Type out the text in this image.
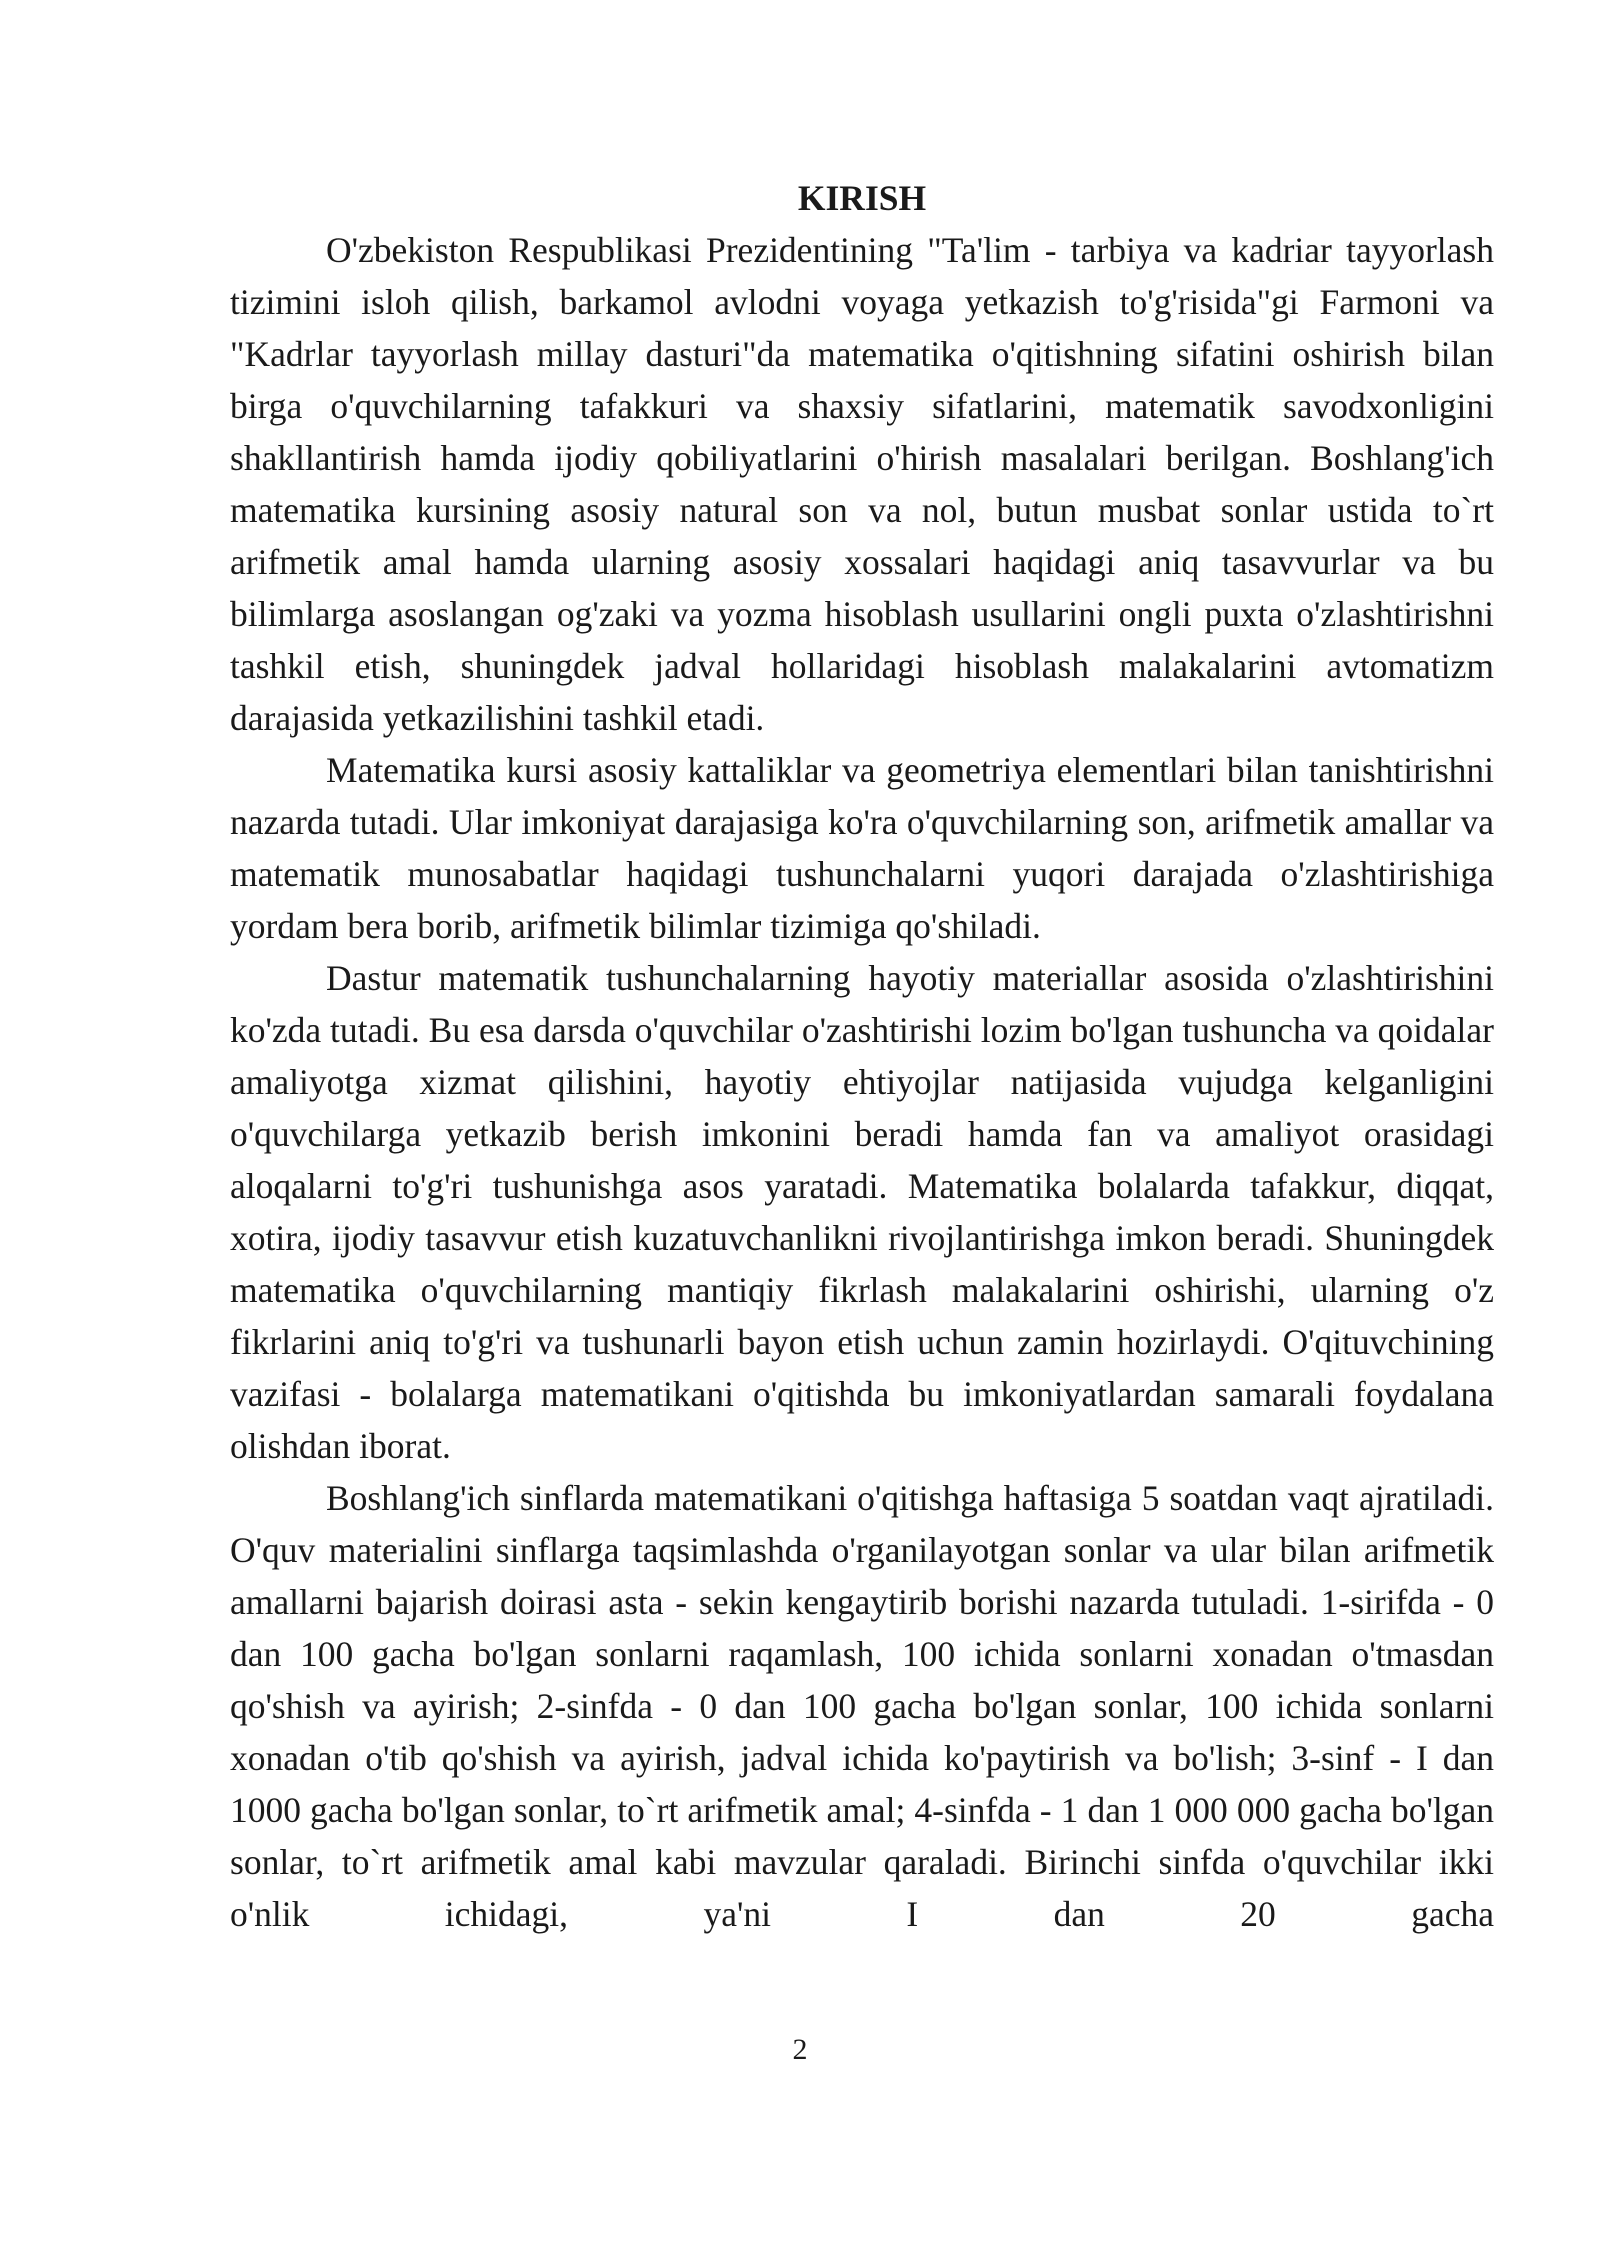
KIRISH

O'zbekiston Respublikasi Prezidentining "Ta'lim - tarbiya va kadriar tayyorlash tizimini isloh qilish, barkamol avlodni voyaga yetkazish to'g'risida"gi Farmoni va "Kadrlar tayyorlash millay dasturi"da matematika o'qitishning sifatini oshirish bilan birga o'quvchilarning tafakkuri va shaxsiy sifatlarini, matematik savodxonligini shakllantirish hamda ijodiy qobiliyatlarini o'hirish masalalari berilgan. Boshlang'ich matematika kursining asosiy natural son va nol, butun musbat sonlar ustida to`rt arifmetik amal hamda ularning asosiy xossalari haqidagi aniq tasavvurlar va bu bilimlarga asoslangan og'zaki va yozma hisoblash usullarini ongli puxta o'zlashtirishni tashkil etish, shuningdek jadval hollaridagi hisoblash malakalarini avtomatizm darajasida yetkazilishini tashkil etadi.

Matematika kursi asosiy kattaliklar va geometriya elementlari bilan tanishtirishni nazarda tutadi. Ular imkoniyat darajasiga ko'ra o'quvchilarning son, arifmetik amallar va matematik munosabatlar haqidagi tushunchalarni yuqori darajada o'zlashtirishiga yordam bera borib, arifmetik bilimlar tizimiga qo'shiladi.

Dastur matematik tushunchalarning hayotiy materiallar asosida o'zlashtirishini ko'zda tutadi. Bu esa darsda o'quvchilar o'zashtirishi lozim bo'lgan tushuncha va qoidalar amaliyotga xizmat qilishini, hayotiy ehtiyojlar natijasida vujudga kelganligini o'quvchilarga yetkazib berish imkonini beradi hamda fan va amaliyot orasidagi aloqalarni to'g'ri tushunishga asos yaratadi. Matematika bolalarda tafakkur, diqqat, xotira, ijodiy tasavvur etish kuzatuvchanlikni rivojlantirishga imkon beradi. Shuningdek matematika o'quvchilarning mantiqiy fikrlash malakalarini oshirishi, ularning o'z fikrlarini aniq to'g'ri va tushunarli bayon etish uchun zamin hozirlaydi. O'qituvchining vazifasi - bolalarga matematikani o'qitishda bu imkoniyatlardan samarali foydalana olishdan iborat.

Boshlang'ich sinflarda matematikani o'qitishga haftasiga 5 soatdan vaqt ajratiladi. O'quv materialini sinflarga taqsimlashda o'rganilayotgan sonlar va ular bilan arifmetik amallarni bajarish doirasi asta - sekin kengaytirib borishi nazarda tutuladi. 1-sirifda - 0 dan 100 gacha bo'lgan sonlarni raqamlash, 100 ichida sonlarni xonadan o'tmasdan qo'shish va ayirish; 2-sinfda - 0 dan 100 gacha bo'lgan sonlar, 100 ichida sonlarni xonadan o'tib qo'shish va ayirish, jadval ichida ko'paytirish va bo'lish; 3-sinf - I dan 1000 gacha bo'lgan sonlar, to`rt arifmetik amal; 4-sinfda - 1 dan 1 000 000 gacha bo'lgan sonlar, to`rt arifmetik amal kabi mavzular qaraladi. Birinchi sinfda o'quvchilar ikki o'nlik ichidagi, ya'ni I dan 20 gacha

2
